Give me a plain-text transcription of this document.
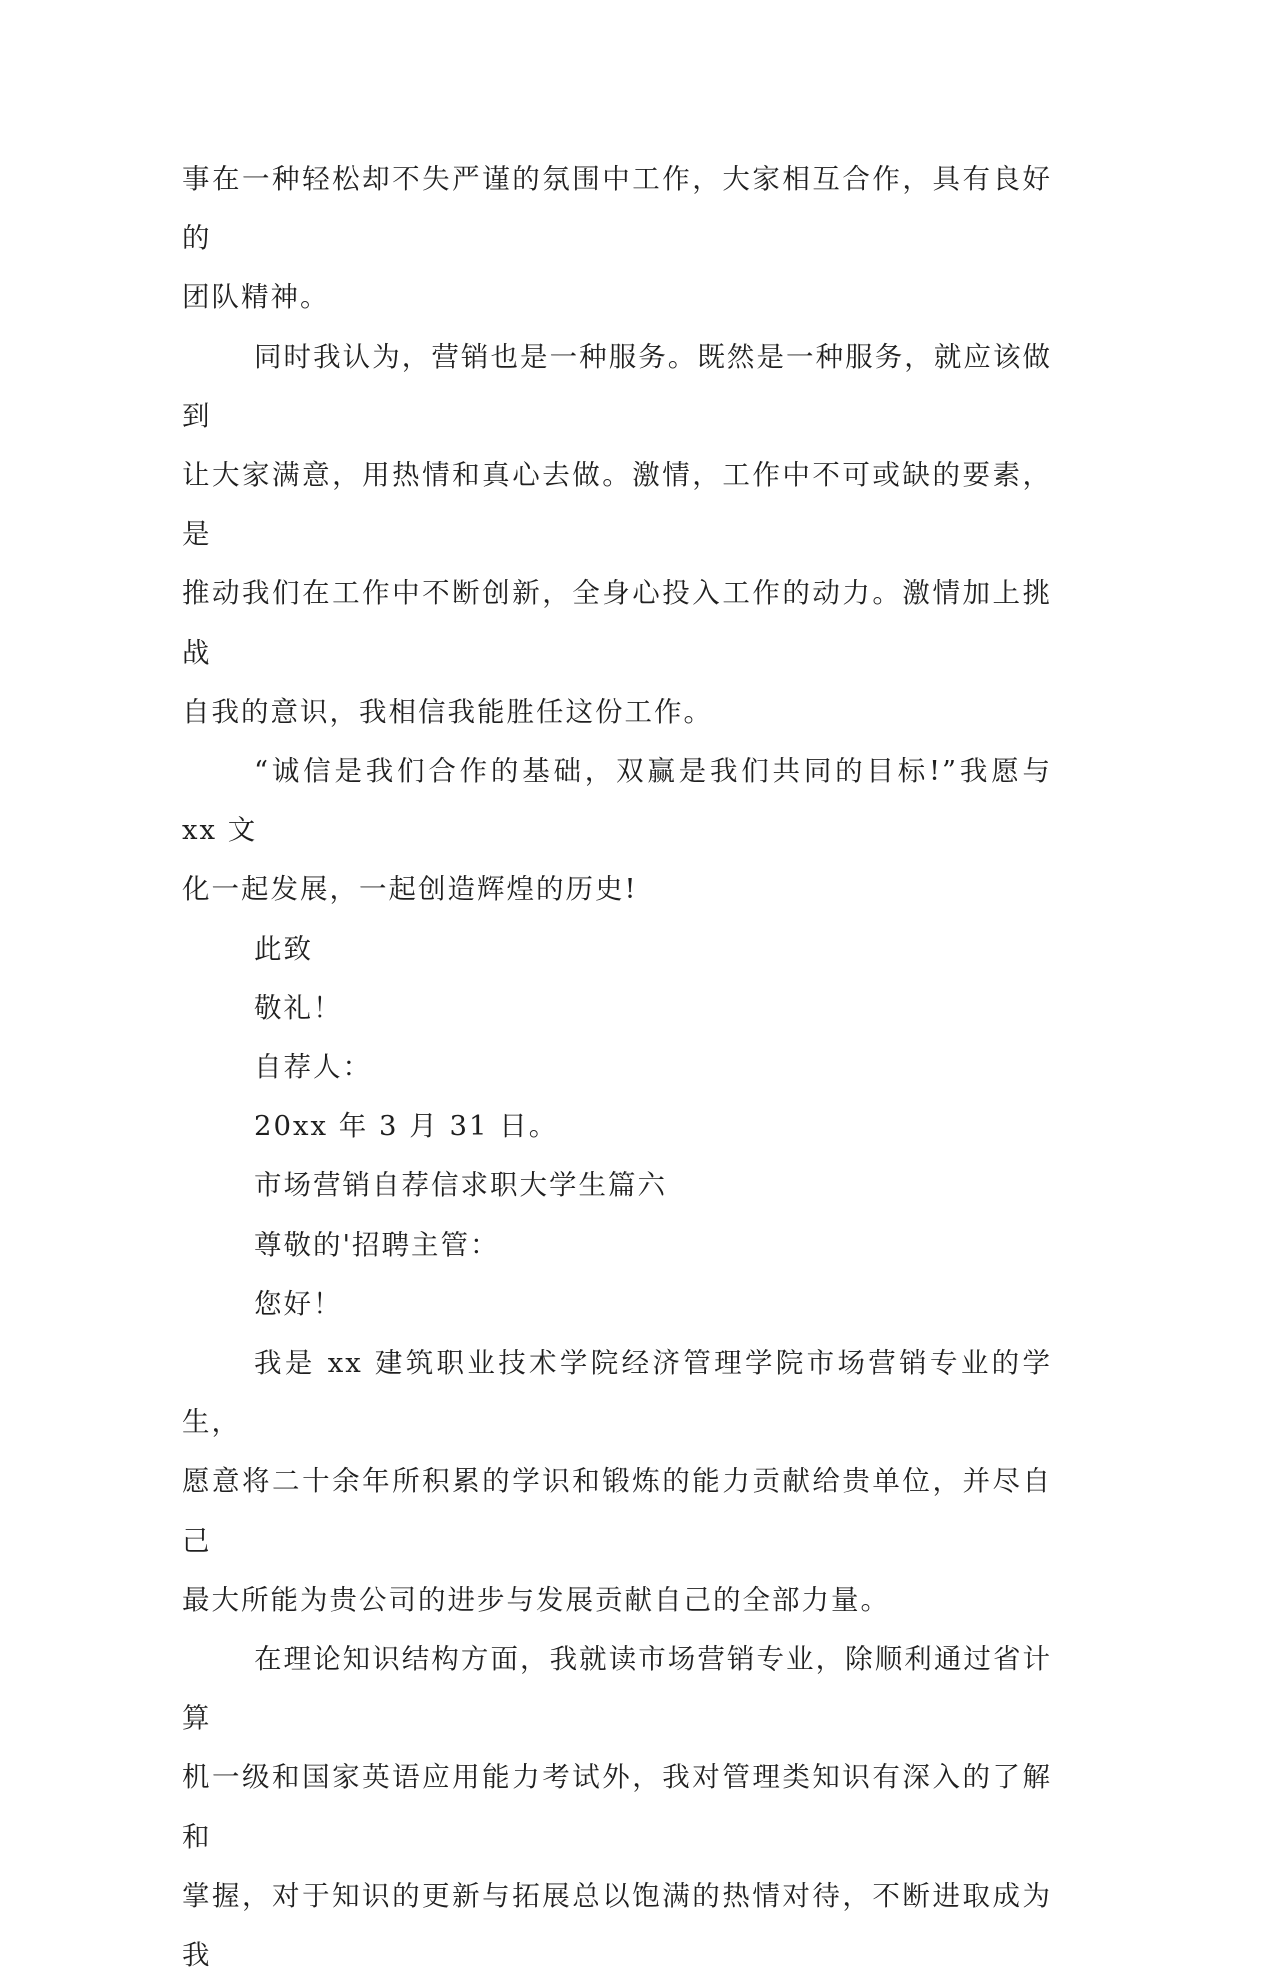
事在一种轻松却不失严谨的氛围中工作，大家相互合作，具有良好的

团队精神。

同时我认为，营销也是一种服务。既然是一种服务，就应该做到

让大家满意，用热情和真心去做。激情，工作中不可或缺的要素，是

推动我们在工作中不断创新，全身心投入工作的动力。激情加上挑战

自我的意识，我相信我能胜任这份工作。

“诚信是我们合作的基础，双赢是我们共同的目标!”我愿与 xx 文

化一起发展，一起创造辉煌的历史!

此致

敬礼！

自荐人：

20xx 年 3 月 31 日。

市场营销自荐信求职大学生篇六

尊敬的'招聘主管：

您好！

我是 xx 建筑职业技术学院经济管理学院市场营销专业的学生，

愿意将二十余年所积累的学识和锻炼的能力贡献给贵单位，并尽自己

最大所能为贵公司的进步与发展贡献自己的全部力量。

在理论知识结构方面，我就读市场营销专业，除顺利通过省计算

机一级和国家英语应用能力考试外，我对管理类知识有深入的了解和

掌握，对于知识的更新与拓展总以饱满的热情对待，不断进取成为我
